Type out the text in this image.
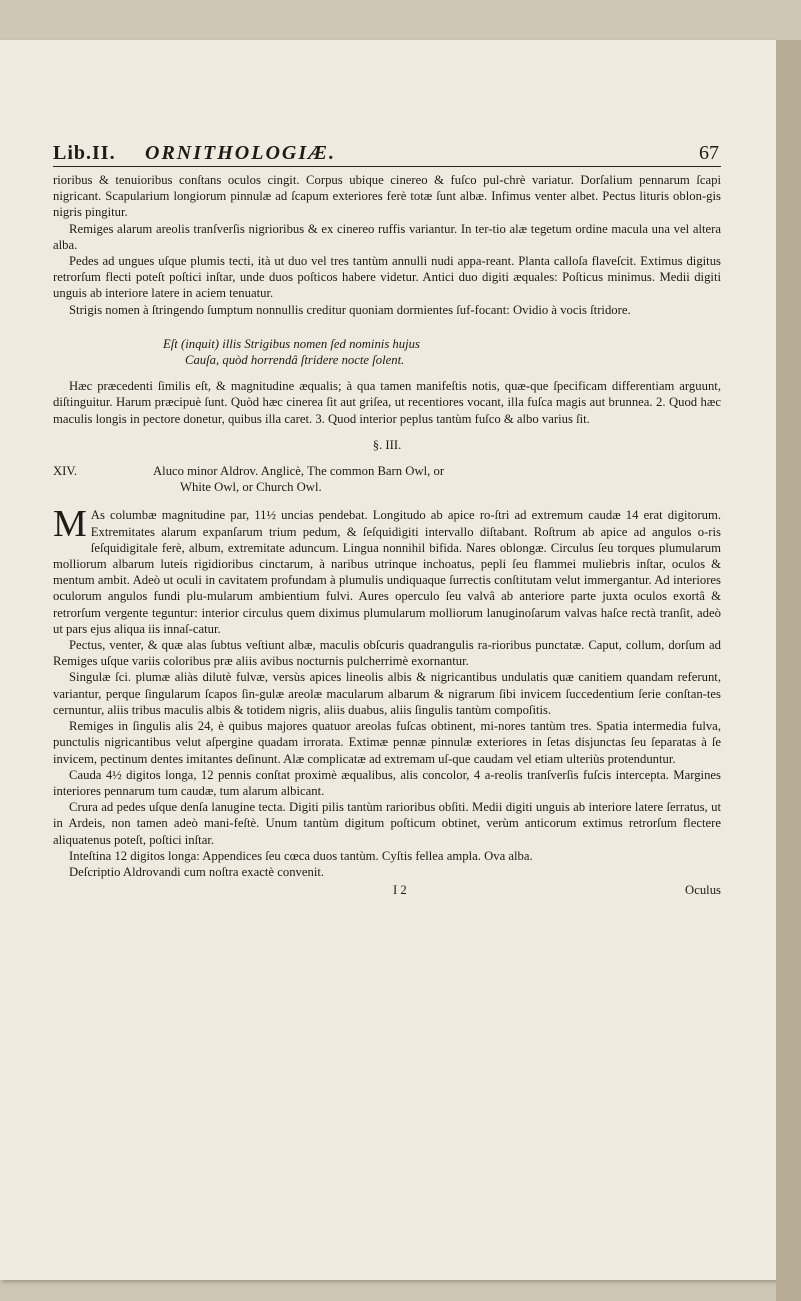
Lib.II. ORNITHOLOGIÆ.	67

rioribus & tenuioribus conſtans oculos cingit. Corpus ubique cinereo & fuſco pul-chrè variatur. Dorſalium pennarum ſcapi nigricant. Scapularium longiorum pinnulæ ad ſcapum exteriores ferè totæ ſunt albæ. Infimus venter albet. Pectus lituris oblon-gis nigris pingitur.

Remiges alarum areolis tranſverſis nigrioribus & ex cinereo ruffis variantur. In ter-tio alæ tegetum ordine macula una vel altera alba.

Pedes ad ungues uſque plumis tecti, ità ut duo vel tres tantùm annulli nudi appa-reant. Planta calloſa flaveſcit. Extimus digitus retrorſum flecti poteſt poſtici inſtar, unde duos poſticos habere videtur. Antici duo digiti æquales: Poſticus minimus. Medii digiti unguis ab interiore latere in aciem tenuatur.

Strigis nomen à ſtringendo ſumptum nonnullis creditur quoniam dormientes ſuf-focant: Ovidio à vocis ſtridore.

Eſt (inquit) illis Strigibus nomen ſed nominis hujus
Cauſa, quòd horrendâ ſtridere nocte ſolent.

Hæc præcedenti ſimilis eſt, & magnitudine æqualis; à qua tamen manifeſtis notis, quæ-que ſpecificam differentiam arguunt, diſtinguitur. Harum præcipuè ſunt. Quòd hæc cinerea ſit aut griſea, ut recentiores vocant, illa fuſca magis aut brunnea. 2. Quod hæc maculis longis in pectore donetur, quibus illa caret. 3. Quod interior peplus tantùm fuſco & albo varius ſit.

§. III.
XIV.	Aluco minor Aldrov. Anglicè, The common Barn Owl, or
White Owl, or Church Owl.

M As columbæ magnitudine par, 11½ uncias pendebat. Longitudo ab apice ro-ſtri ad extremum caudæ 14 erat digitorum. Extremitates alarum expanſarum trium pedum, & ſeſquidigiti intervallo diſtabant. Roſtrum ab apice ad angulos o-ris ſeſquidigitale ferè, album, extremitate aduncum. Lingua nonnihil bifida. Nares oblongæ. Circulus ſeu torques plumularum molliorum albarum luteis rigidioribus cinctarum, à naribus utrinque inchoatus, pepli ſeu flammei muliebris inſtar, oculos & mentum ambit. Adeò ut oculi in cavitatem profundam à plumulis undiquaque ſurrectis conſtitutam velut immergantur. Ad interiores oculorum angulos fundi plu-mularum ambientium fulvi. Aures operculo ſeu valvâ ab anteriore parte juxta oculos exortâ & retrorſum vergente teguntur: interior circulus quem diximus plumularum molliorum lanuginoſarum valvas haſce rectà tranſit, adeò ut pars ejus aliqua iis innaſ-catur.

Pectus, venter, & quæ alas ſubtus veſtiunt albæ, maculis obſcuris quadrangulis ra-rioribus punctatæ. Caput, collum, dorſum ad Remiges uſque variis coloribus præ aliis avibus nocturnis pulcherrimè exornantur.

Singulæ ſci. plumæ aliàs dilutè fulvæ, versùs apices lineolis albis & nigricantibus undulatis quæ canitiem quandam referunt, variantur, perque ſingularum ſcapos ſin-gulæ areolæ macularum albarum & nigrarum ſibi invicem ſuccedentium ſerie conſtan-tes cernuntur, aliis tribus maculis albis & totidem nigris, aliis duabus, aliis ſingulis tantùm compoſitis.

Remiges in ſingulis alis 24, è quibus majores quatuor areolas fuſcas obtinent, mi-nores tantùm tres. Spatia intermedia fulva, punctulis nigricantibus velut aſpergine quadam irrorata. Extimæ pennæ pinnulæ exteriores in ſetas disjunctas ſeu ſeparatas à ſe invicem, pectinum dentes imitantes deſinunt. Alæ complicatæ ad extremam uſ-que caudam vel etiam ulteriùs protenduntur.

Cauda 4½ digitos longa, 12 pennis conſtat proximè æqualibus, alis concolor, 4 a-reolis tranſverſis fuſcis intercepta. Margines interiores pennarum tum caudæ, tum alarum albicant.

Crura ad pedes uſque denſa lanugine tecta. Digiti pilis tantùm rarioribus obſiti. Medii digiti unguis ab interiore latere ſerratus, ut in Ardeis, non tamen adeò mani-feſtè. Unum tantùm digitum poſticum obtinet, verùm anticorum extimus retrorſum flectere aliquatenus poteſt, poſtici inſtar.

Inteſtina 12 digitos longa: Appendices ſeu cœca duos tantùm. Cyſtis fellea ampla. Ova alba.

Deſcriptio Aldrovandi cum noſtra exactè convenit.

I 2	Oculus
